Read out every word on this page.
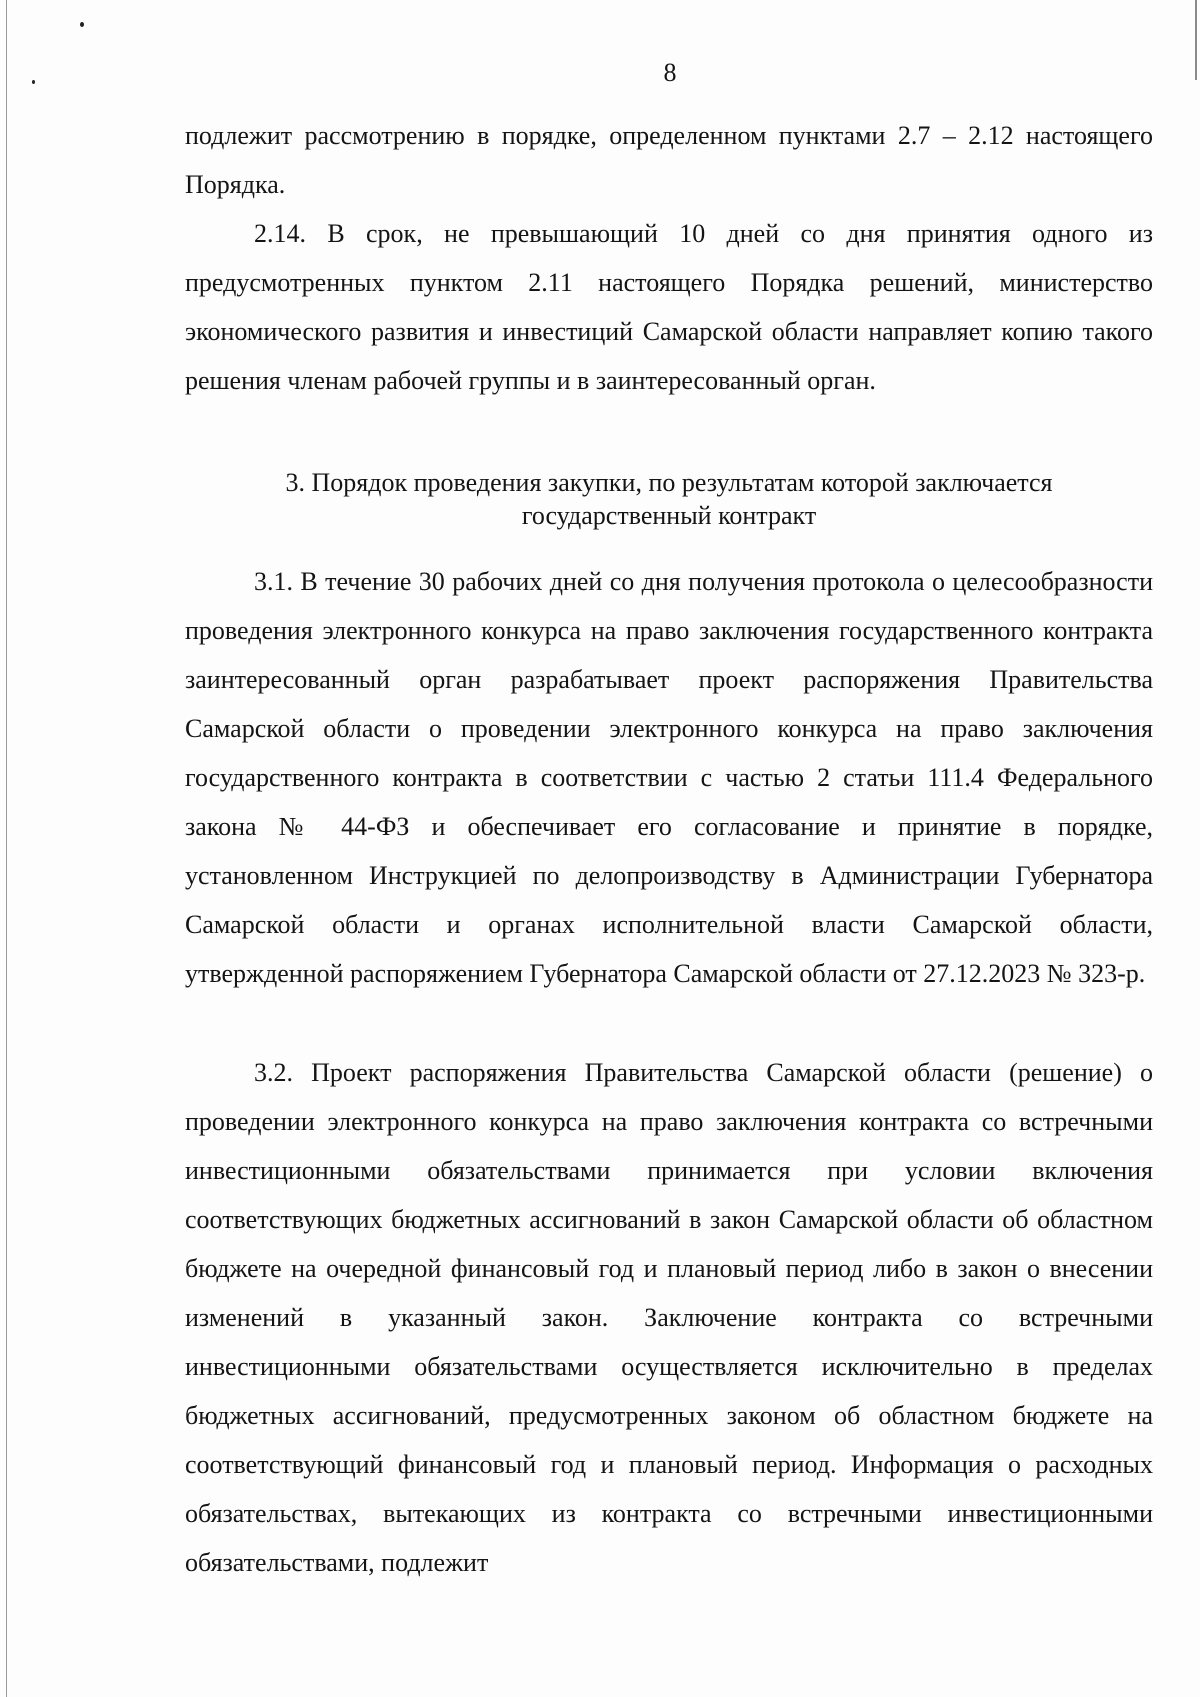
8

подлежит рассмотрению в порядке, определенном пунктами 2.7 – 2.12 настоящего Порядка.

2.14. В срок, не превышающий 10 дней со дня принятия одного из предусмотренных пунктом 2.11 настоящего Порядка решений, министерство экономического развития и инвестиций Самарской области направляет копию такого решения членам рабочей группы и в заинтересованный орган.

3. Порядок проведения закупки, по результатам которой заключается

государственный контракт

3.1. В течение 30 рабочих дней со дня получения протокола о целесообразности проведения электронного конкурса на право заключения государственного контракта заинтересованный орган разрабатывает проект распоряжения Правительства Самарской области о проведении электронного конкурса на право заключения государственного контракта в соответствии с частью 2 статьи 111.4 Федерального закона № 44-ФЗ и обеспечивает его согласование и принятие в порядке, установленном Инструкцией по делопроизводству в Администрации Губернатора Самарской области и органах исполнительной власти Самарской области, утвержденной распоряжением Губернатора Самарской области от 27.12.2023 № 323-р.

3.2. Проект распоряжения Правительства Самарской области (решение) о проведении электронного конкурса на право заключения контракта со встречными инвестиционными обязательствами принимается при условии включения соответствующих бюджетных ассигнований в закон Самарской области об областном бюджете на очередной финансовый год и плановый период либо в закон о внесении изменений в указанный закон. Заключение контракта со встречными инвестиционными обязательствами осуществляется исключительно в пределах бюджетных ассигнований, предусмотренных законом об областном бюджете на соответствующий финансовый год и плановый период. Информация о расходных обязательствах, вытекающих из контракта со встречными инвестиционными обязательствами, подлежит
